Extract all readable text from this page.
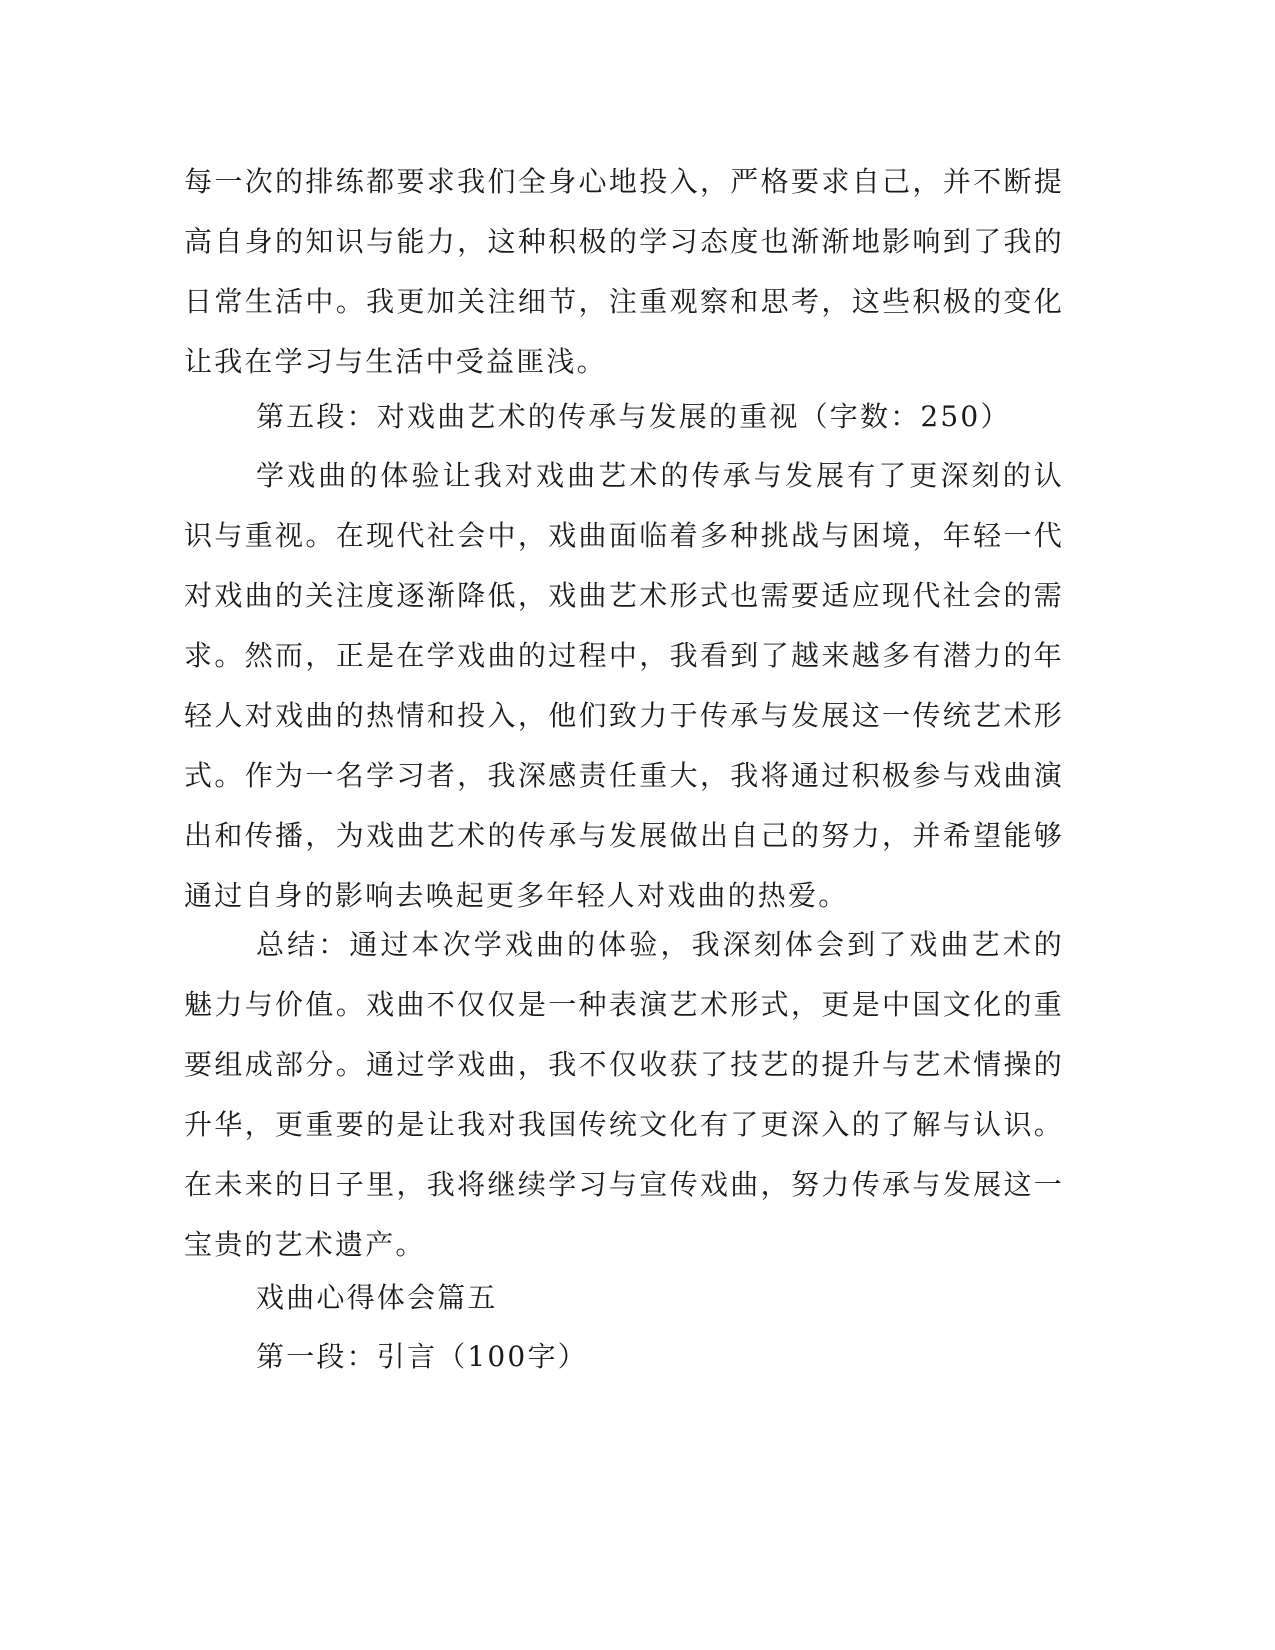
每一次的排练都要求我们全身心地投入，严格要求自己，并不断提高自身的知识与能力，这种积极的学习态度也渐渐地影响到了我的日常生活中。我更加关注细节，注重观察和思考，这些积极的变化让我在学习与生活中受益匪浅。
第五段：对戏曲艺术的传承与发展的重视（字数：250）
学戏曲的体验让我对戏曲艺术的传承与发展有了更深刻的认识与重视。在现代社会中，戏曲面临着多种挑战与困境，年轻一代对戏曲的关注度逐渐降低，戏曲艺术形式也需要适应现代社会的需求。然而，正是在学戏曲的过程中，我看到了越来越多有潜力的年轻人对戏曲的热情和投入，他们致力于传承与发展这一传统艺术形式。作为一名学习者，我深感责任重大，我将通过积极参与戏曲演出和传播，为戏曲艺术的传承与发展做出自己的努力，并希望能够通过自身的影响去唤起更多年轻人对戏曲的热爱。
总结：通过本次学戏曲的体验，我深刻体会到了戏曲艺术的魅力与价值。戏曲不仅仅是一种表演艺术形式，更是中国文化的重要组成部分。通过学戏曲，我不仅收获了技艺的提升与艺术情操的升华，更重要的是让我对我国传统文化有了更深入的了解与认识。在未来的日子里，我将继续学习与宣传戏曲，努力传承与发展这一宝贵的艺术遗产。
戏曲心得体会篇五
第一段：引言（100字）
